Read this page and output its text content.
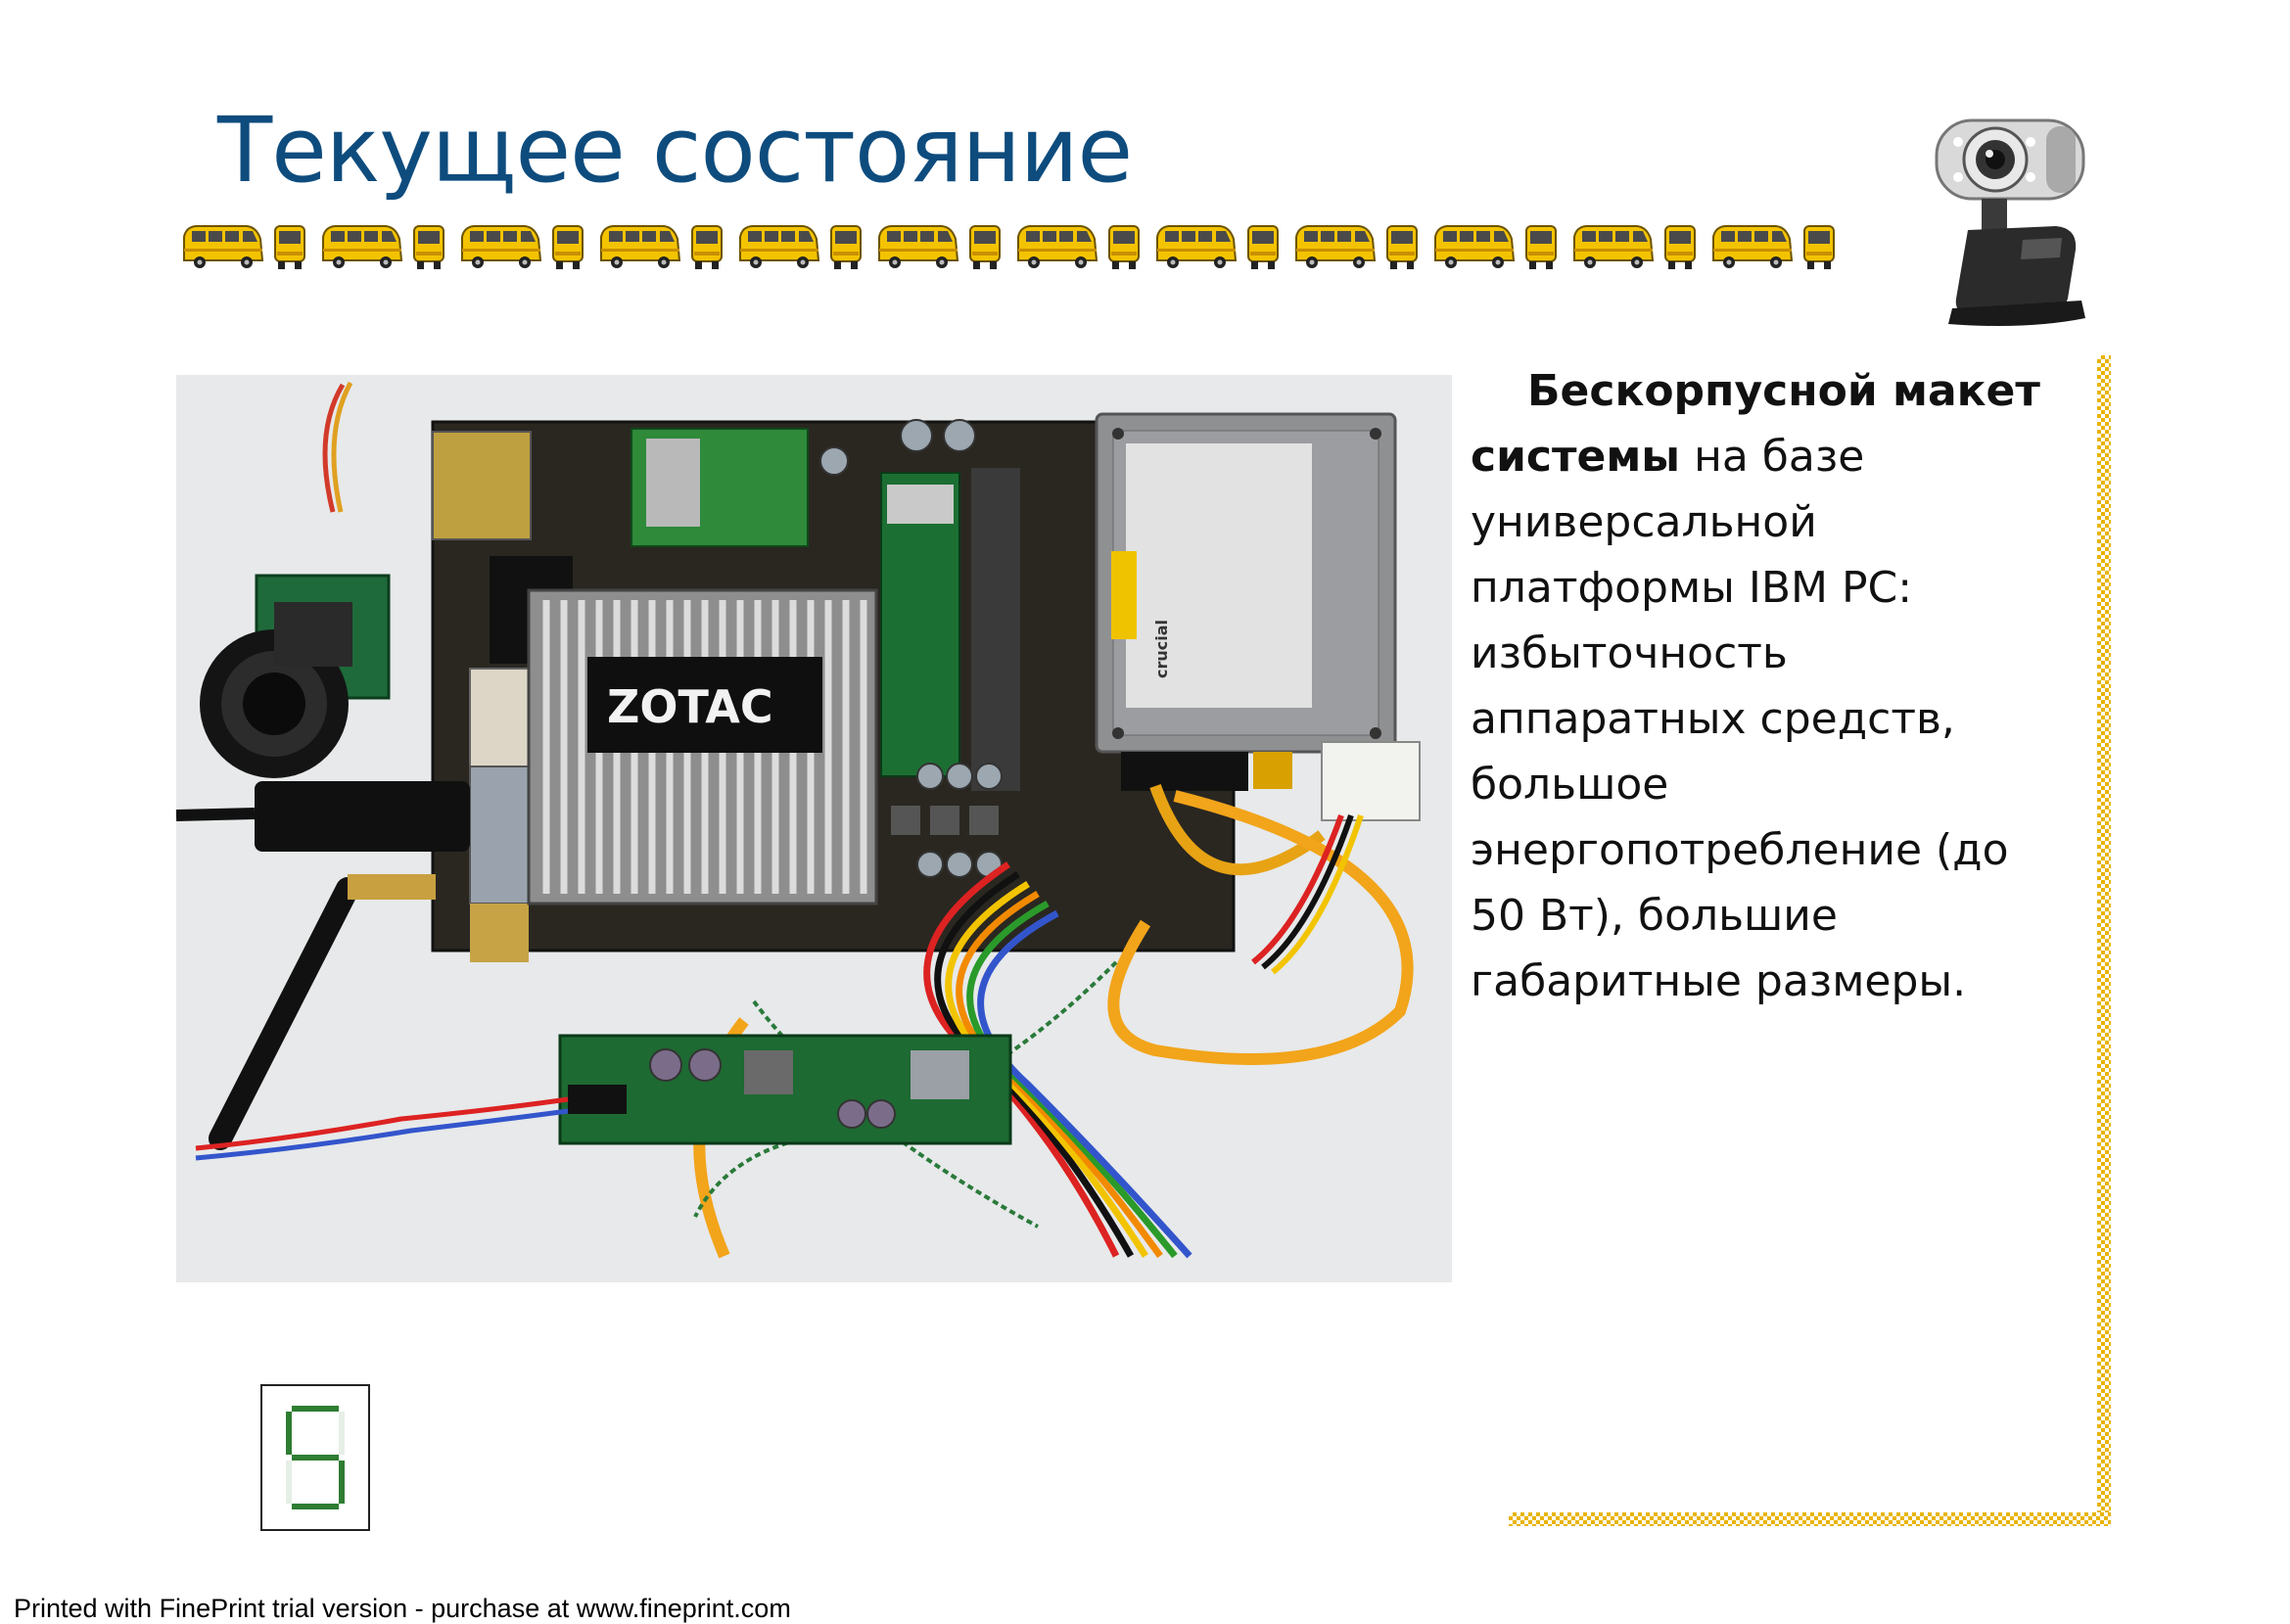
Текущее состояние
ZOTAC
crucial
Бескорпусной макет
системы на базе
универсальной
платформы IBM PC:
избыточность
аппаратных средств,
большое
энергопотребление (до
50 Вт), большие
габаритные размеры.
5
Printed with FinePrint trial version - purchase at www.fineprint.com
